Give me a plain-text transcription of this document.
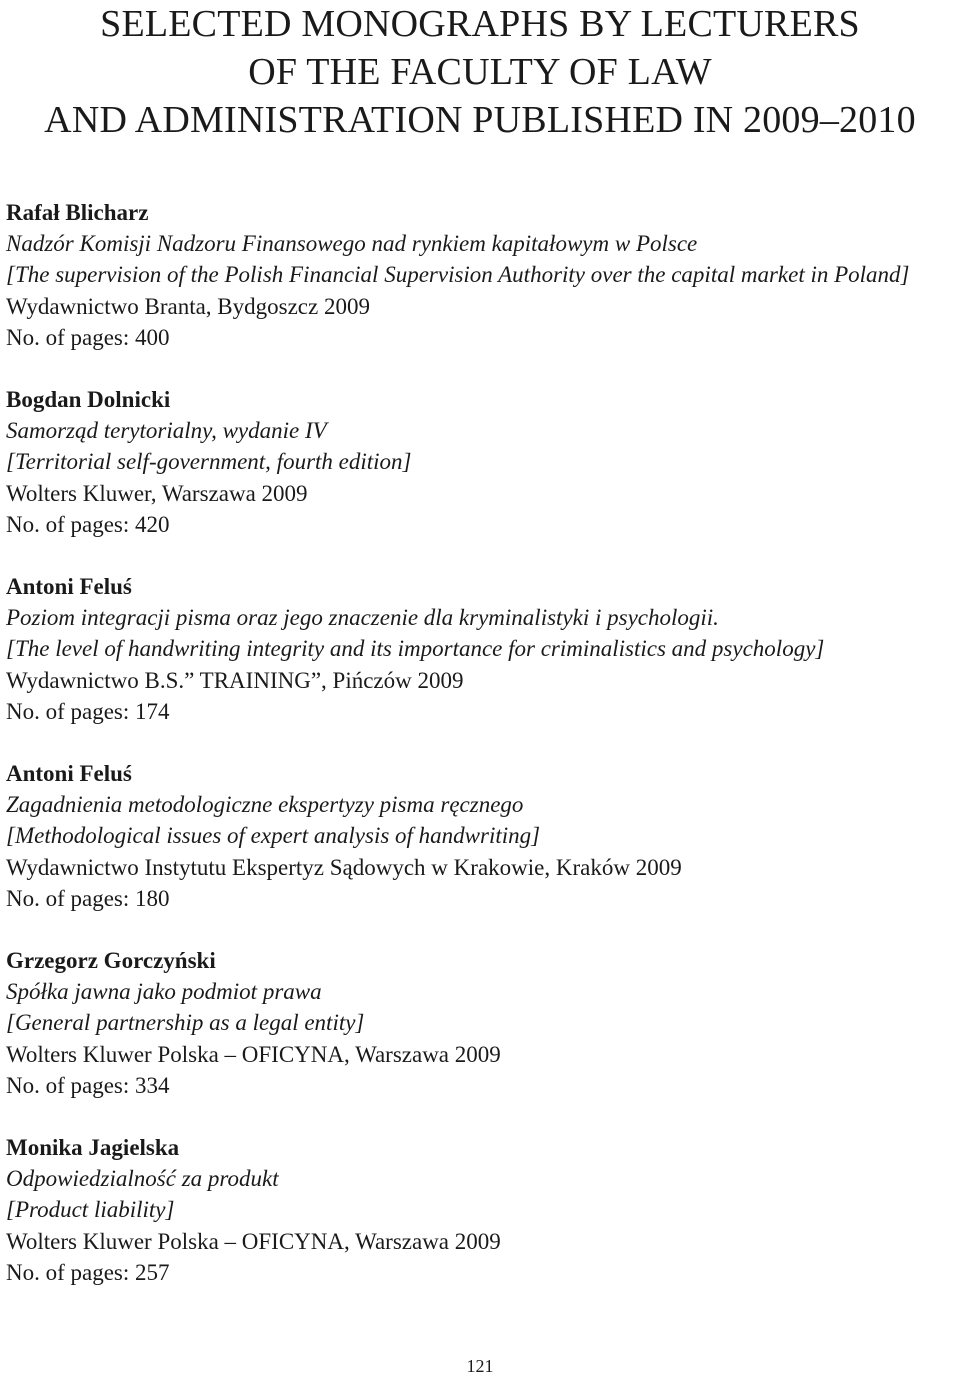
SELECTED MONOGRAPHS BY LECTURERS
OF THE FACULTY OF LAW
AND ADMINISTRATION PUBLISHED IN 2009–2010
Rafał Blicharz
Nadzór Komisji Nadzoru Finansowego nad rynkiem kapitałowym w Polsce
[The supervision of the Polish Financial Supervision Authority over the capital market in Poland]
Wydawnictwo Branta, Bydgoszcz 2009
No. of pages: 400
Bogdan Dolnicki
Samorząd terytorialny, wydanie IV
[Territorial self-government, fourth edition]
Wolters Kluwer, Warszawa 2009
No. of pages: 420
Antoni Feluś
Poziom integracji pisma oraz jego znaczenie dla kryminalistyki i psychologii.
[The level of handwriting integrity and its importance for criminalistics and psychology]
Wydawnictwo B.S.” TRAINING”, Pińczów 2009
No. of pages: 174
Antoni Feluś
Zagadnienia metodologiczne ekspertyzy pisma ręcznego
[Methodological issues of expert analysis of handwriting]
Wydawnictwo Instytutu Ekspertyz Sądowych w Krakowie, Kraków 2009
No. of pages: 180
Grzegorz Gorczyński
Spółka jawna jako podmiot prawa
[General partnership as a legal entity]
Wolters Kluwer Polska – OFICYNA, Warszawa 2009
No. of pages: 334
Monika Jagielska
Odpowiedzialność za produkt
[Product liability]
Wolters Kluwer Polska – OFICYNA, Warszawa 2009
No. of pages: 257
121
